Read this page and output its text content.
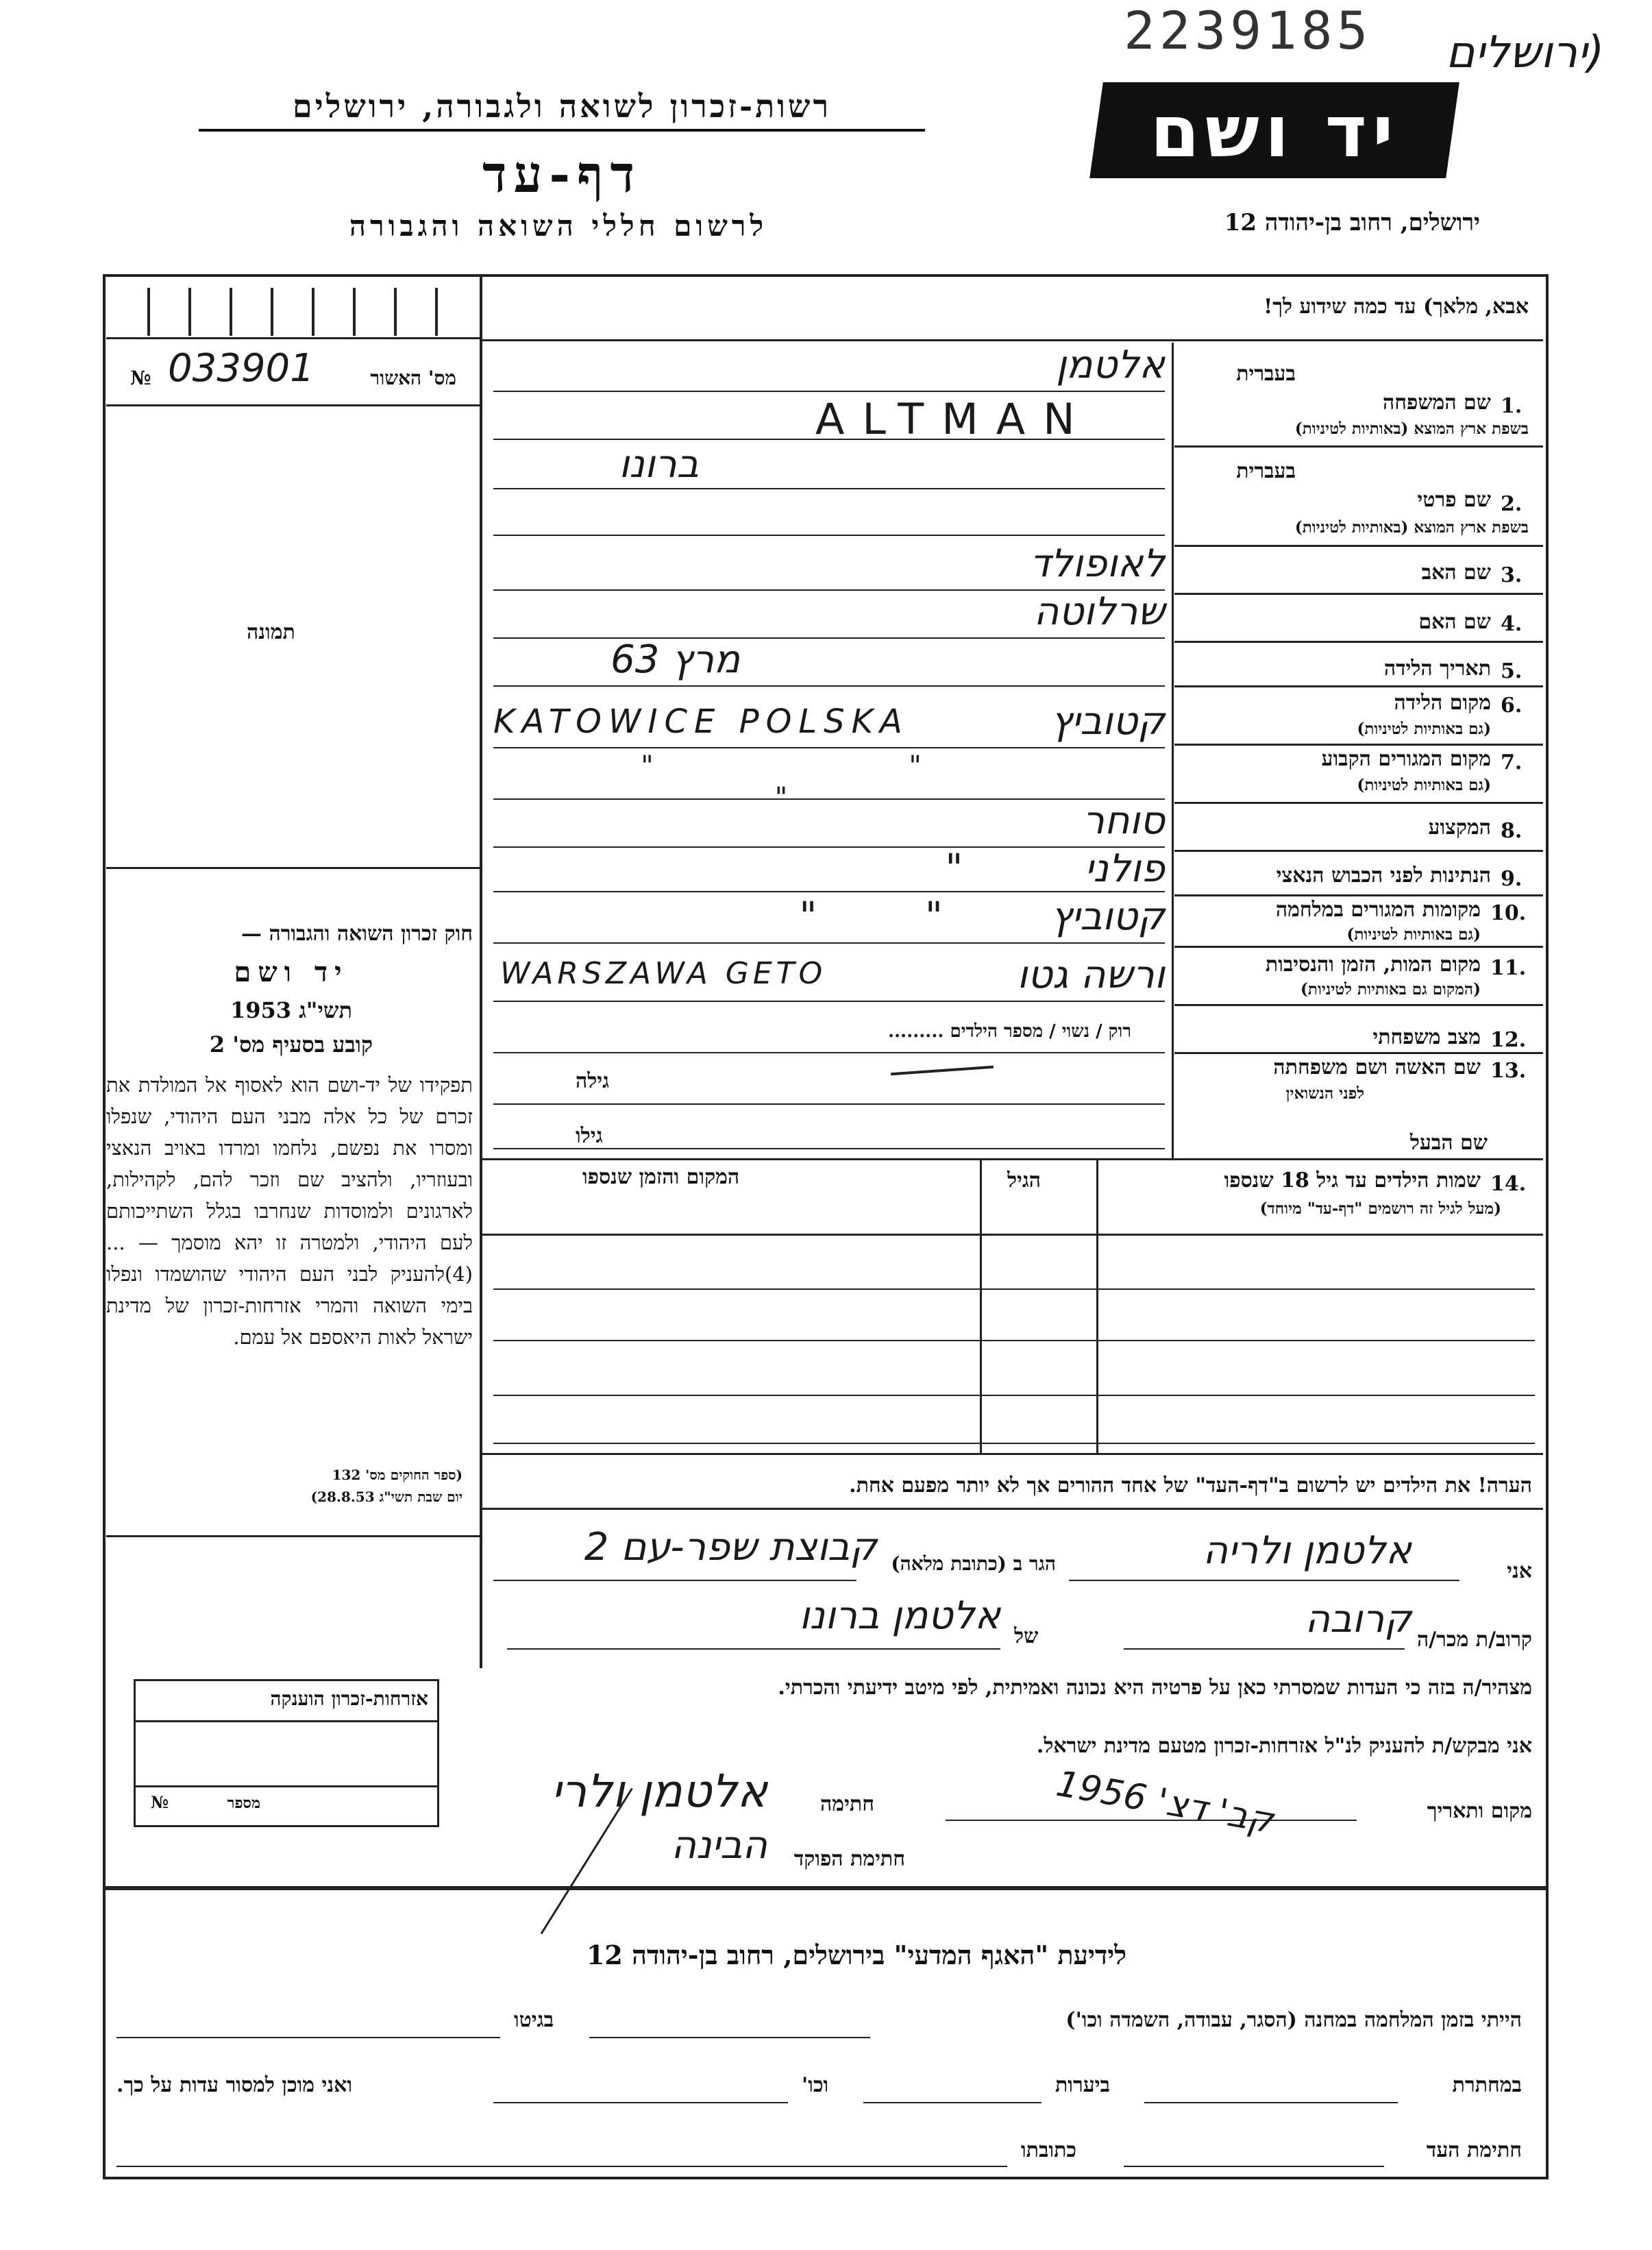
2239185 (ירושלים
רשות-זכרון לשואה ולגבורה, ירושלים
דף-עד
לרשום חללי השואה והגבורה
יד ושם
ירושלים, רחוב בן-יהודה 12
מס' האשור
№ 033901
תמונה
חוק זכרון השואה והגבורה —
יד ושם
תשי"ג 1953
קובע בסעיף מס' 2
תפקידו של יד-ושם הוא לאסוף אל המולדת את זכרם של כל אלה מבני העם היהודי, שנפלו ומסרו את נפשם, נלחמו ומרדו באויב הנאצי ובעוזריו, ולהציב שם וזכר להם, לקהילות, לארגונים ולמוסדות שנחרבו בגלל השתייכותם לעם היהודי, ולמטרה זו יהא מוסמך — ...(4)להעניק לבני העם היהודי שהושמדו ונפלו בימי השואה והמרי אזרחות-זכרון של מדינת ישראל לאות היאספם אל עמם.
(ספר החוקים מס' 132
יום שבת תשי"ג 28.8.53)
אזרחות-זכרון הוענקה
מספר
№
אבא, מלאך) עד כמה שידוע לך!
בעברית
1.
שם המשפחה
בשפת ארץ המוצא (באותיות לטיניות)
אלטמן
ALTMAN
בעברית
2.
שם פרטי
בשפת ארץ המוצא (באותיות לטיניות)
ברונו
3.
שם האב
לאופולד
4.
שם האם
שרלוטה
5.
תאריך הלידה
מרץ 63
6.
מקום הלידה
(גם באותיות לטיניות)
KATOWICE POLSKA	קטוביץ
7.
מקום המגורים הקבוע
(גם באותיות לטיניות)
" " "
8.
המקצוע
סוחר
9.
הנתינות לפני הכבוש הנאצי
פולני "
10.
מקומות המגורים במלחמה
(גם באותיות לטיניות)
קטוביץ " "
11.
מקום המות, הזמן והנסיבות
(המקום גם באותיות לטיניות)
WARSZAWA GETO	ורשה גטו
12.
מצב משפחתי
רוק / נשוי / מספר הילדים .........
13.
שם האשה ושם משפחתה
לפני הנשואין
גילה
שם הבעל
גילו
14.
שמות הילדים עד גיל 18 שנספו
(מעל לגיל זה רושמים "דף-עד" מיוחד)
הגיל
המקום והזמן שנספו
הערה! את הילדים יש לרשום ב"דף-העד" של אחד ההורים אך לא יותר מפעם אחת.
אני
אלטמן ולריה
הגר ב (כתובת מלאה)
קבוצת שפר-עם 2
קרוב/ת מכר/ה
קרובה
של
אלטמן ברונו
מצהיר/ה בזה כי העדות שמסרתי כאן על פרטיה היא נכונה ואמיתית, לפי מיטב ידיעתי והכרתי.
אני מבקש/ת להעניק לנ"ל אזרחות-זכרון מטעם מדינת ישראל.
מקום ותאריך
קב' דצ' 1956
חתימה
אלטמן ולרי
חתימת הפוקד
הבינה
לידיעת "האגף המדעי" בירושלים, רחוב בן-יהודה 12
הייתי בזמן המלחמה במחנה (הסגר, עבודה, השמדה וכו')
בגיטו
במחתרת
ביערות
וכו'
ואני מוכן למסור עדות על כך.
חתימת העד
כתובתו
